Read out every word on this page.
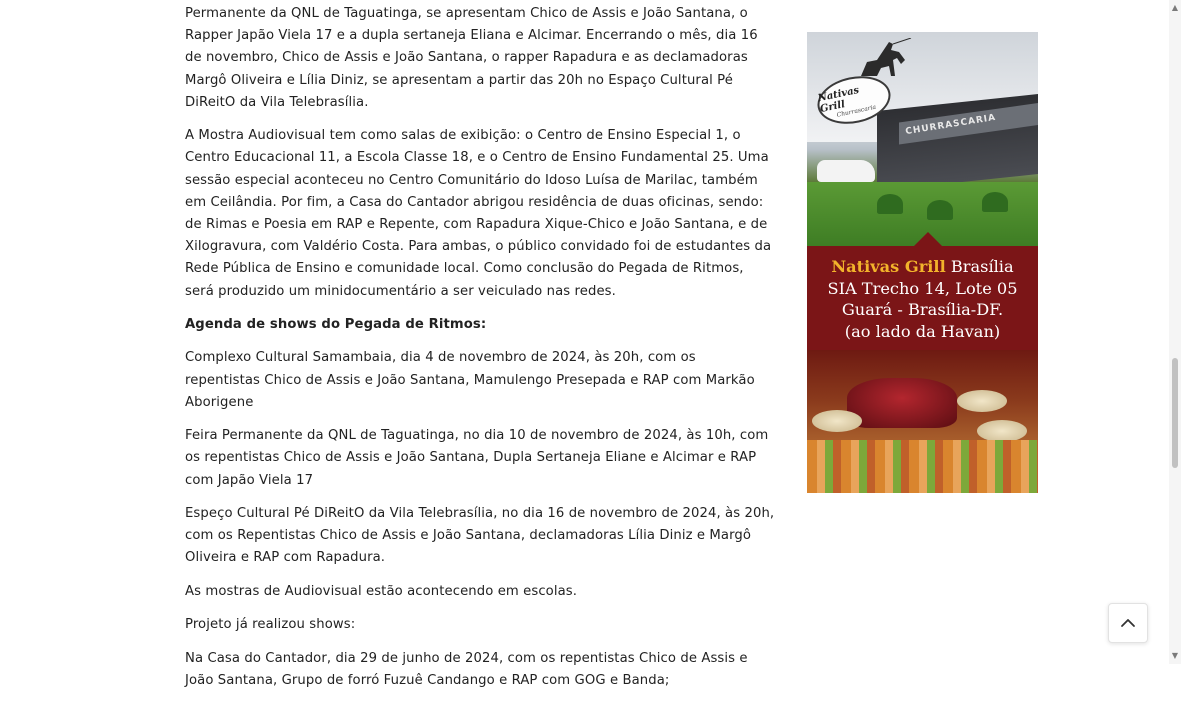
Permanente da QNL de Taguatinga, se apresentam Chico de Assis e João Santana, o Rapper Japão Viela 17 e a dupla sertaneja Eliana e Alcimar. Encerrando o mês, dia 16 de novembro, Chico de Assis e João Santana, o rapper Rapadura e as declamadoras Margô Oliveira e Lília Diniz, se apresentam a partir das 20h no Espaço Cultural Pé DiReitO da Vila Telebrasília.

A Mostra Audiovisual tem como salas de exibição: o Centro de Ensino Especial 1, o Centro Educacional 11, a Escola Classe 18, e o Centro de Ensino Fundamental 25. Uma sessão especial aconteceu no Centro Comunitário do Idoso Luísa de Marilac, também em Ceilândia. Por fim, a Casa do Cantador abrigou residência de duas oficinas, sendo: de Rimas e Poesia em RAP e Repente, com Rapadura Xique-Chico e João Santana, e de Xilogravura, com Valdério Costa. Para ambas, o público convidado foi de estudantes da Rede Pública de Ensino e comunidade local. Como conclusão do Pegada de Ritmos, será produzido um minidocumentário a ser veiculado nas redes.

Agenda de shows do Pegada de Ritmos:

Complexo Cultural Samambaia, dia 4 de novembro de 2024, às 20h, com os repentistas Chico de Assis e João Santana, Mamulengo Presepada e RAP com Markão Aborigene

Feira Permanente da QNL de Taguatinga, no dia 10 de novembro de 2024, às 10h, com os repentistas Chico de Assis e João Santana, Dupla Sertaneja Eliane e Alcimar e RAP com Japão Viela 17

Espeço Cultural Pé DiReitO da Vila Telebrasília, no dia 16 de novembro de 2024, às 20h, com os Repentistas Chico de Assis e João Santana, declamadoras Lília Diniz e Margô Oliveira e RAP com Rapadura.

As mostras de Audiovisual estão acontecendo em escolas.

Projeto já realizou shows:

Na Casa do Cantador, dia 29 de junho de 2024, com os repentistas Chico de Assis e João Santana, Grupo de forró Fuzuê Candango e RAP com GOG e Banda;

CHURRASCARIA
Nativas Grill
Churrascaria
Nativas Grill Brasília
SIA Trecho 14, Lote 05
Guará - Brasília-DF.
(ao lado da Havan)
▲
▼
